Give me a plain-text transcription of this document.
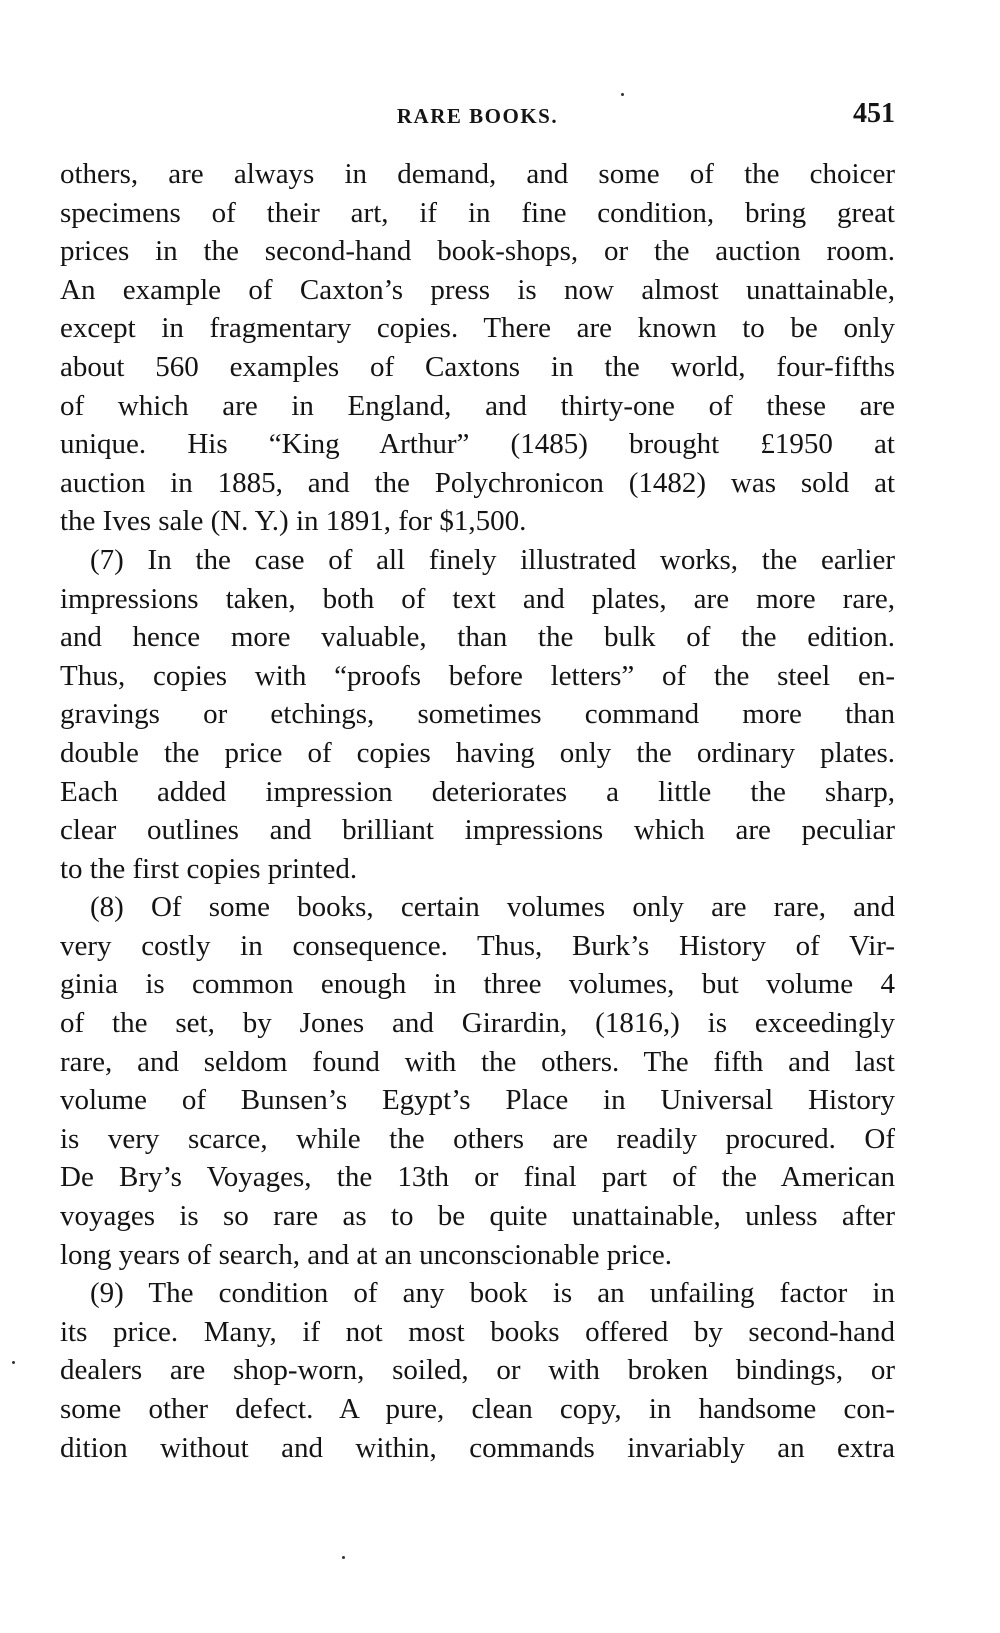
RARE BOOKS.	451
others, are always in demand, and some of the choicer
specimens of their art, if in fine condition, bring great
prices in the second-hand book-shops, or the auction room.
An example of Caxton’s press is now almost unattainable,
except in fragmentary copies. There are known to be only
about 560 examples of Caxtons in the world, four-fifths
of which are in England, and thirty-one of these are
unique. His “King Arthur” (1485) brought £1950 at
auction in 1885, and the Polychronicon (1482) was sold at
the Ives sale (N. Y.) in 1891, for $1,500.
(7) In the case of all finely illustrated works, the earlier
impressions taken, both of text and plates, are more rare,
and hence more valuable, than the bulk of the edition.
Thus, copies with “proofs before letters” of the steel en-
gravings or etchings, sometimes command more than
double the price of copies having only the ordinary plates.
Each added impression deteriorates a little the sharp,
clear outlines and brilliant impressions which are peculiar
to the first copies printed.
(8) Of some books, certain volumes only are rare, and
very costly in consequence. Thus, Burk’s History of Vir-
ginia is common enough in three volumes, but volume 4
of the set, by Jones and Girardin, (1816,) is exceedingly
rare, and seldom found with the others. The fifth and last
volume of Bunsen’s Egypt’s Place in Universal History
is very scarce, while the others are readily procured. Of
De Bry’s Voyages, the 13th or final part of the American
voyages is so rare as to be quite unattainable, unless after
long years of search, and at an unconscionable price.
(9) The condition of any book is an unfailing factor in
its price. Many, if not most books offered by second-hand
dealers are shop-worn, soiled, or with broken bindings, or
some other defect. A pure, clean copy, in handsome con-
dition without and within, commands invariably an extra
